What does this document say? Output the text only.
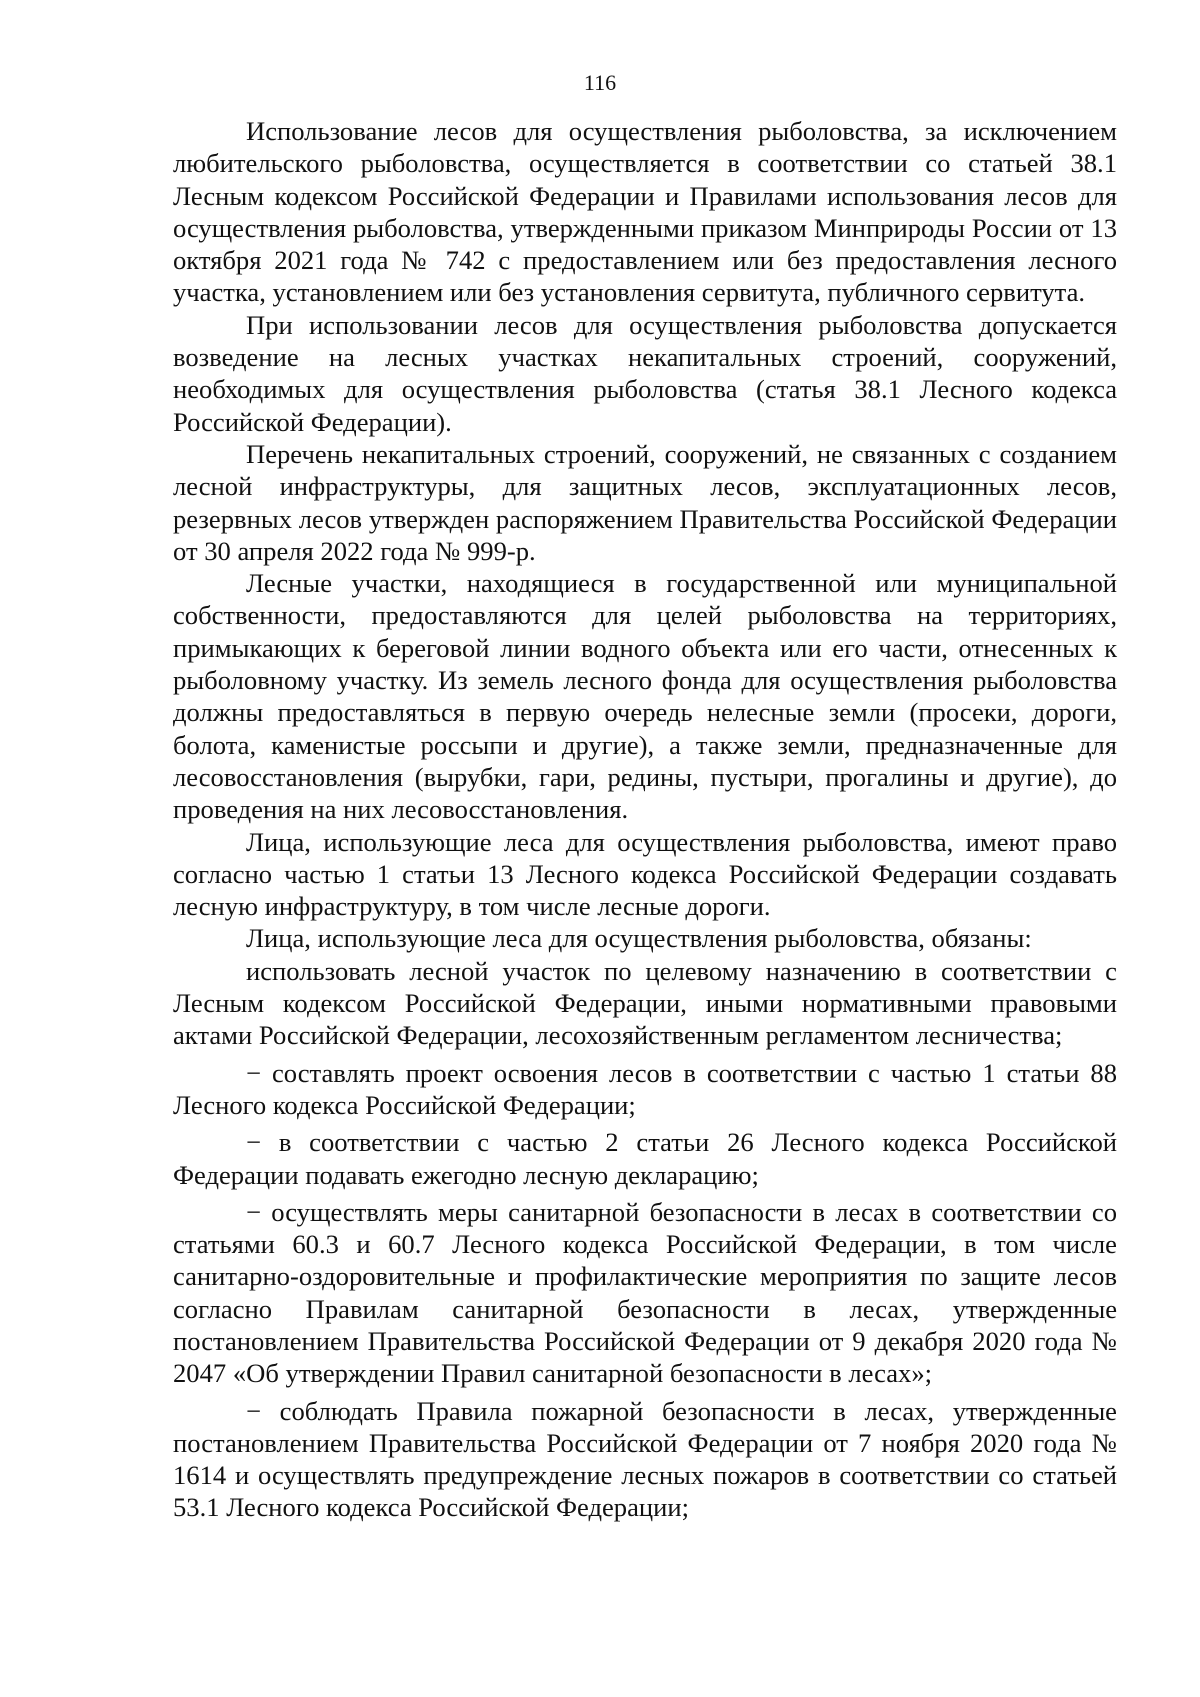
116

Использование лесов для осуществления рыболовства, за исключением любительского рыболовства, осуществляется в соответствии со статьей 38.1 Лесным кодексом Российской Федерации и Правилами использования лесов для осуществления рыболовства, утвержденными приказом Минприроды России от 13 октября 2021 года № 742 с предоставлением или без предоставления лесного участка, установлением или без установления сервитута, публичного сервитута.

При использовании лесов для осуществления рыболовства допускается возведение на лесных участках некапитальных строений, сооружений, необходимых для осуществления рыболовства (статья 38.1 Лесного кодекса Российской Федерации).

Перечень некапитальных строений, сооружений, не связанных с созданием лесной инфраструктуры, для защитных лесов, эксплуатационных лесов, резервных лесов утвержден распоряжением Правительства Российской Федерации от 30 апреля 2022 года № 999-р.

Лесные участки, находящиеся в государственной или муниципальной собственности, предоставляются для целей рыболовства на территориях, примыкающих к береговой линии водного объекта или его части, отнесенных к рыболовному участку. Из земель лесного фонда для осуществления рыболовства должны предоставляться в первую очередь нелесные земли (просеки, дороги, болота, каменистые россыпи и другие), а также земли, предназначенные для лесовосстановления (вырубки, гари, редины, пустыри, прогалины и другие), до проведения на них лесовосстановления.

Лица, использующие леса для осуществления рыболовства, имеют право согласно частью 1 статьи 13 Лесного кодекса Российской Федерации создавать лесную инфраструктуру, в том числе лесные дороги.

Лица, использующие леса для осуществления рыболовства, обязаны:

использовать лесной участок по целевому назначению в соответствии с Лесным кодексом Российской Федерации, иными нормативными правовыми актами Российской Федерации, лесохозяйственным регламентом лесничества;

− составлять проект освоения лесов в соответствии с частью 1 статьи 88 Лесного кодекса Российской Федерации;

− в соответствии с частью 2 статьи 26 Лесного кодекса Российской Федерации подавать ежегодно лесную декларацию;

− осуществлять меры санитарной безопасности в лесах в соответствии со статьями 60.3 и 60.7 Лесного кодекса Российской Федерации, в том числе санитарно-оздоровительные и профилактические мероприятия по защите лесов согласно Правилам санитарной безопасности в лесах, утвержденные постановлением Правительства Российской Федерации от 9 декабря 2020 года № 2047 «Об утверждении Правил санитарной безопасности в лесах»;

− соблюдать Правила пожарной безопасности в лесах, утвержденные постановлением Правительства Российской Федерации от 7 ноября 2020 года № 1614 и осуществлять предупреждение лесных пожаров в соответствии со статьей 53.1 Лесного кодекса Российской Федерации;
